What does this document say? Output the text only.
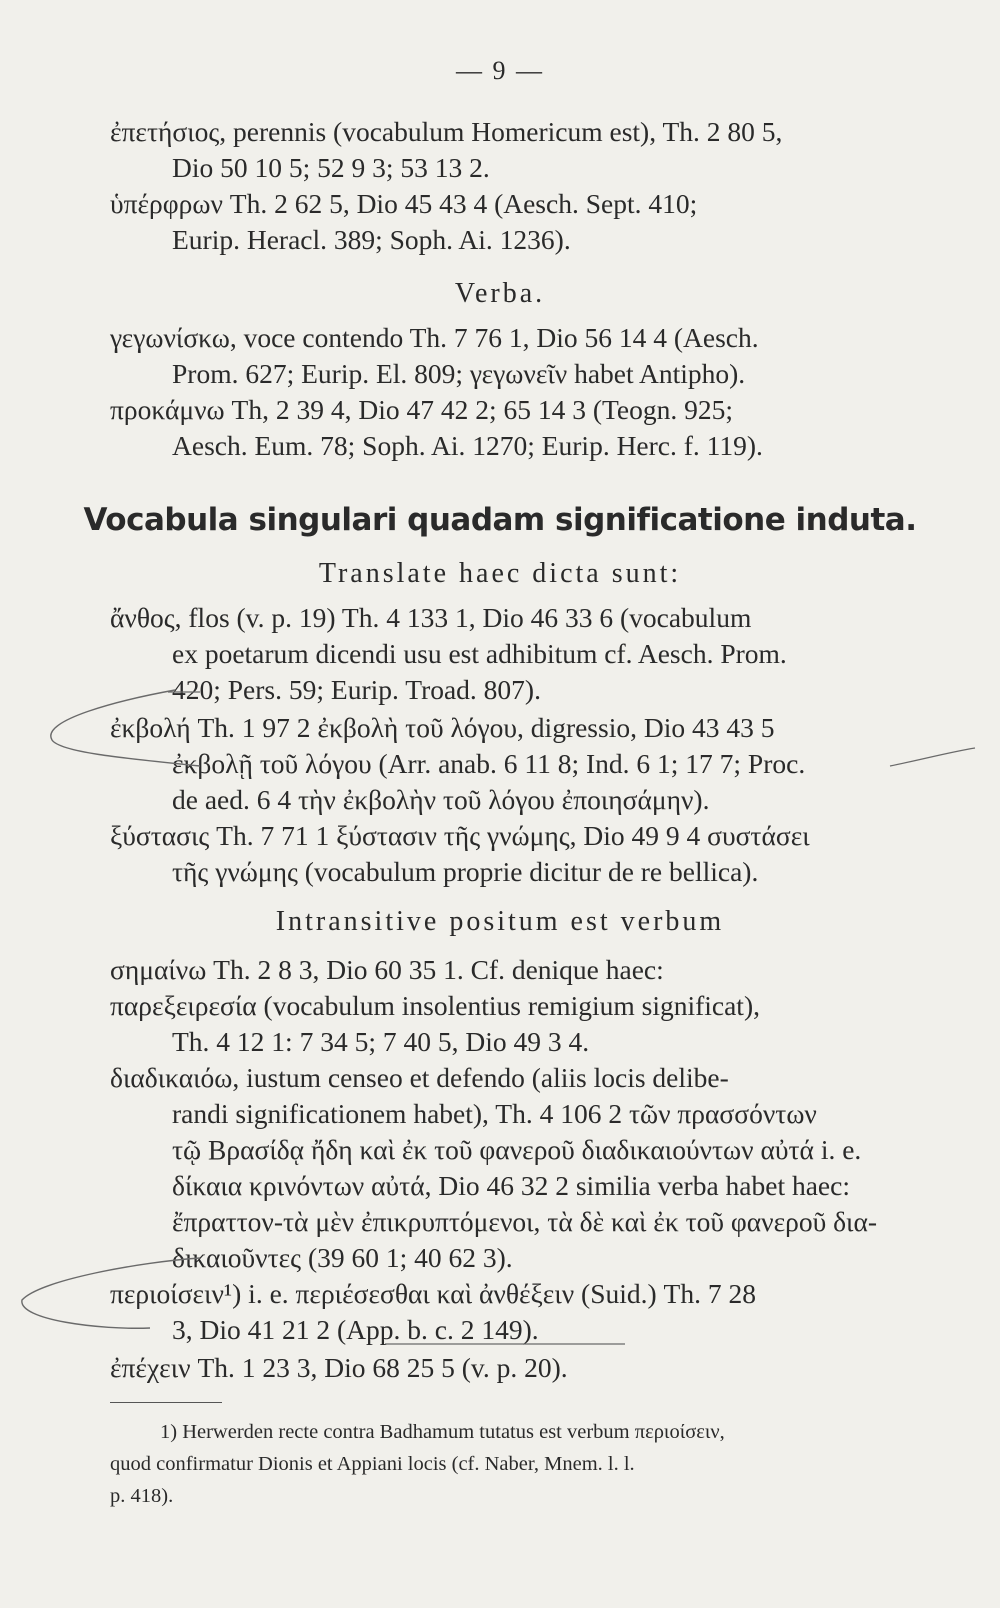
— 9 —
ἐπετήσιος, perennis (vocabulum Homericum est), Th. 2 80 5,
Dio 50 10 5; 52 9 3; 53 13 2.
ὑπέρφρων Th. 2 62 5, Dio 45 43 4 (Aesch. Sept. 410;
Eurip. Heracl. 389; Soph. Ai. 1236).
Verba.
γεγωνίσκω, voce contendo Th. 7 76 1, Dio 56 14 4 (Aesch.
Prom. 627; Eurip. El. 809; γεγωνεῖν habet Antipho).
προκάμνω Th, 2 39 4, Dio 47 42 2; 65 14 3 (Teogn. 925;
Aesch. Eum. 78; Soph. Ai. 1270; Eurip. Herc. f. 119).
Vocabula singulari quadam significatione induta.
Translate haec dicta sunt:
ἄνθος, flos (v. p. 19) Th. 4 133 1, Dio 46 33 6 (vocabulum
ex poetarum dicendi usu est adhibitum cf. Aesch. Prom.
420; Pers. 59; Eurip. Troad. 807).
ἐκβολή Th. 1 97 2 ἐκβολὴ τοῦ λόγου, digressio, Dio 43 43 5
ἐκβολῇ τοῦ λόγου (Arr. anab. 6 11 8; Ind. 6 1; 17 7; Proc.
de aed. 6 4 τὴν ἐκβολὴν τοῦ λόγου ἐποιησάμην).
ξύστασις Th. 7 71 1 ξύστασιν τῆς γνώμης, Dio 49 9 4 συστάσει
τῆς γνώμης (vocabulum proprie dicitur de re bellica).
Intransitive positum est verbum
σημαίνω Th. 2 8 3, Dio 60 35 1. Cf. denique haec:
παρεξειρεσία (vocabulum insolentius remigium significat),
Th. 4 12 1: 7 34 5; 7 40 5, Dio 49 3 4.
διαδικαιόω, iustum censeo et defendo (aliis locis delibe-
randi significationem habet), Th. 4 106 2 τῶν πρασσόντων
τῷ Βρασίδᾳ ἤδη καὶ ἐκ τοῦ φανεροῦ διαδικαιούντων αὐτά i. e.
δίκαια κρινόντων αὐτά, Dio 46 32 2 similia verba habet haec:
ἔπραττον-τὰ μὲν ἐπικρυπτόμενοι, τὰ δὲ καὶ ἐκ τοῦ φανεροῦ δια-
δικαιοῦντες (39 60 1; 40 62 3).
περιοίσειν¹) i. e. περιέσεσθαι καὶ ἀνθέξειν (Suid.) Th. 7 28
3, Dio 41 21 2 (App. b. c. 2 149).
ἐπέχειν Th. 1 23 3, Dio 68 25 5 (v. p. 20).
1) Herwerden recte contra Badhamum tutatus est verbum περιοίσειν,
quod confirmatur Dionis et Appiani locis (cf. Naber, Mnem. l. l.
p. 418).
